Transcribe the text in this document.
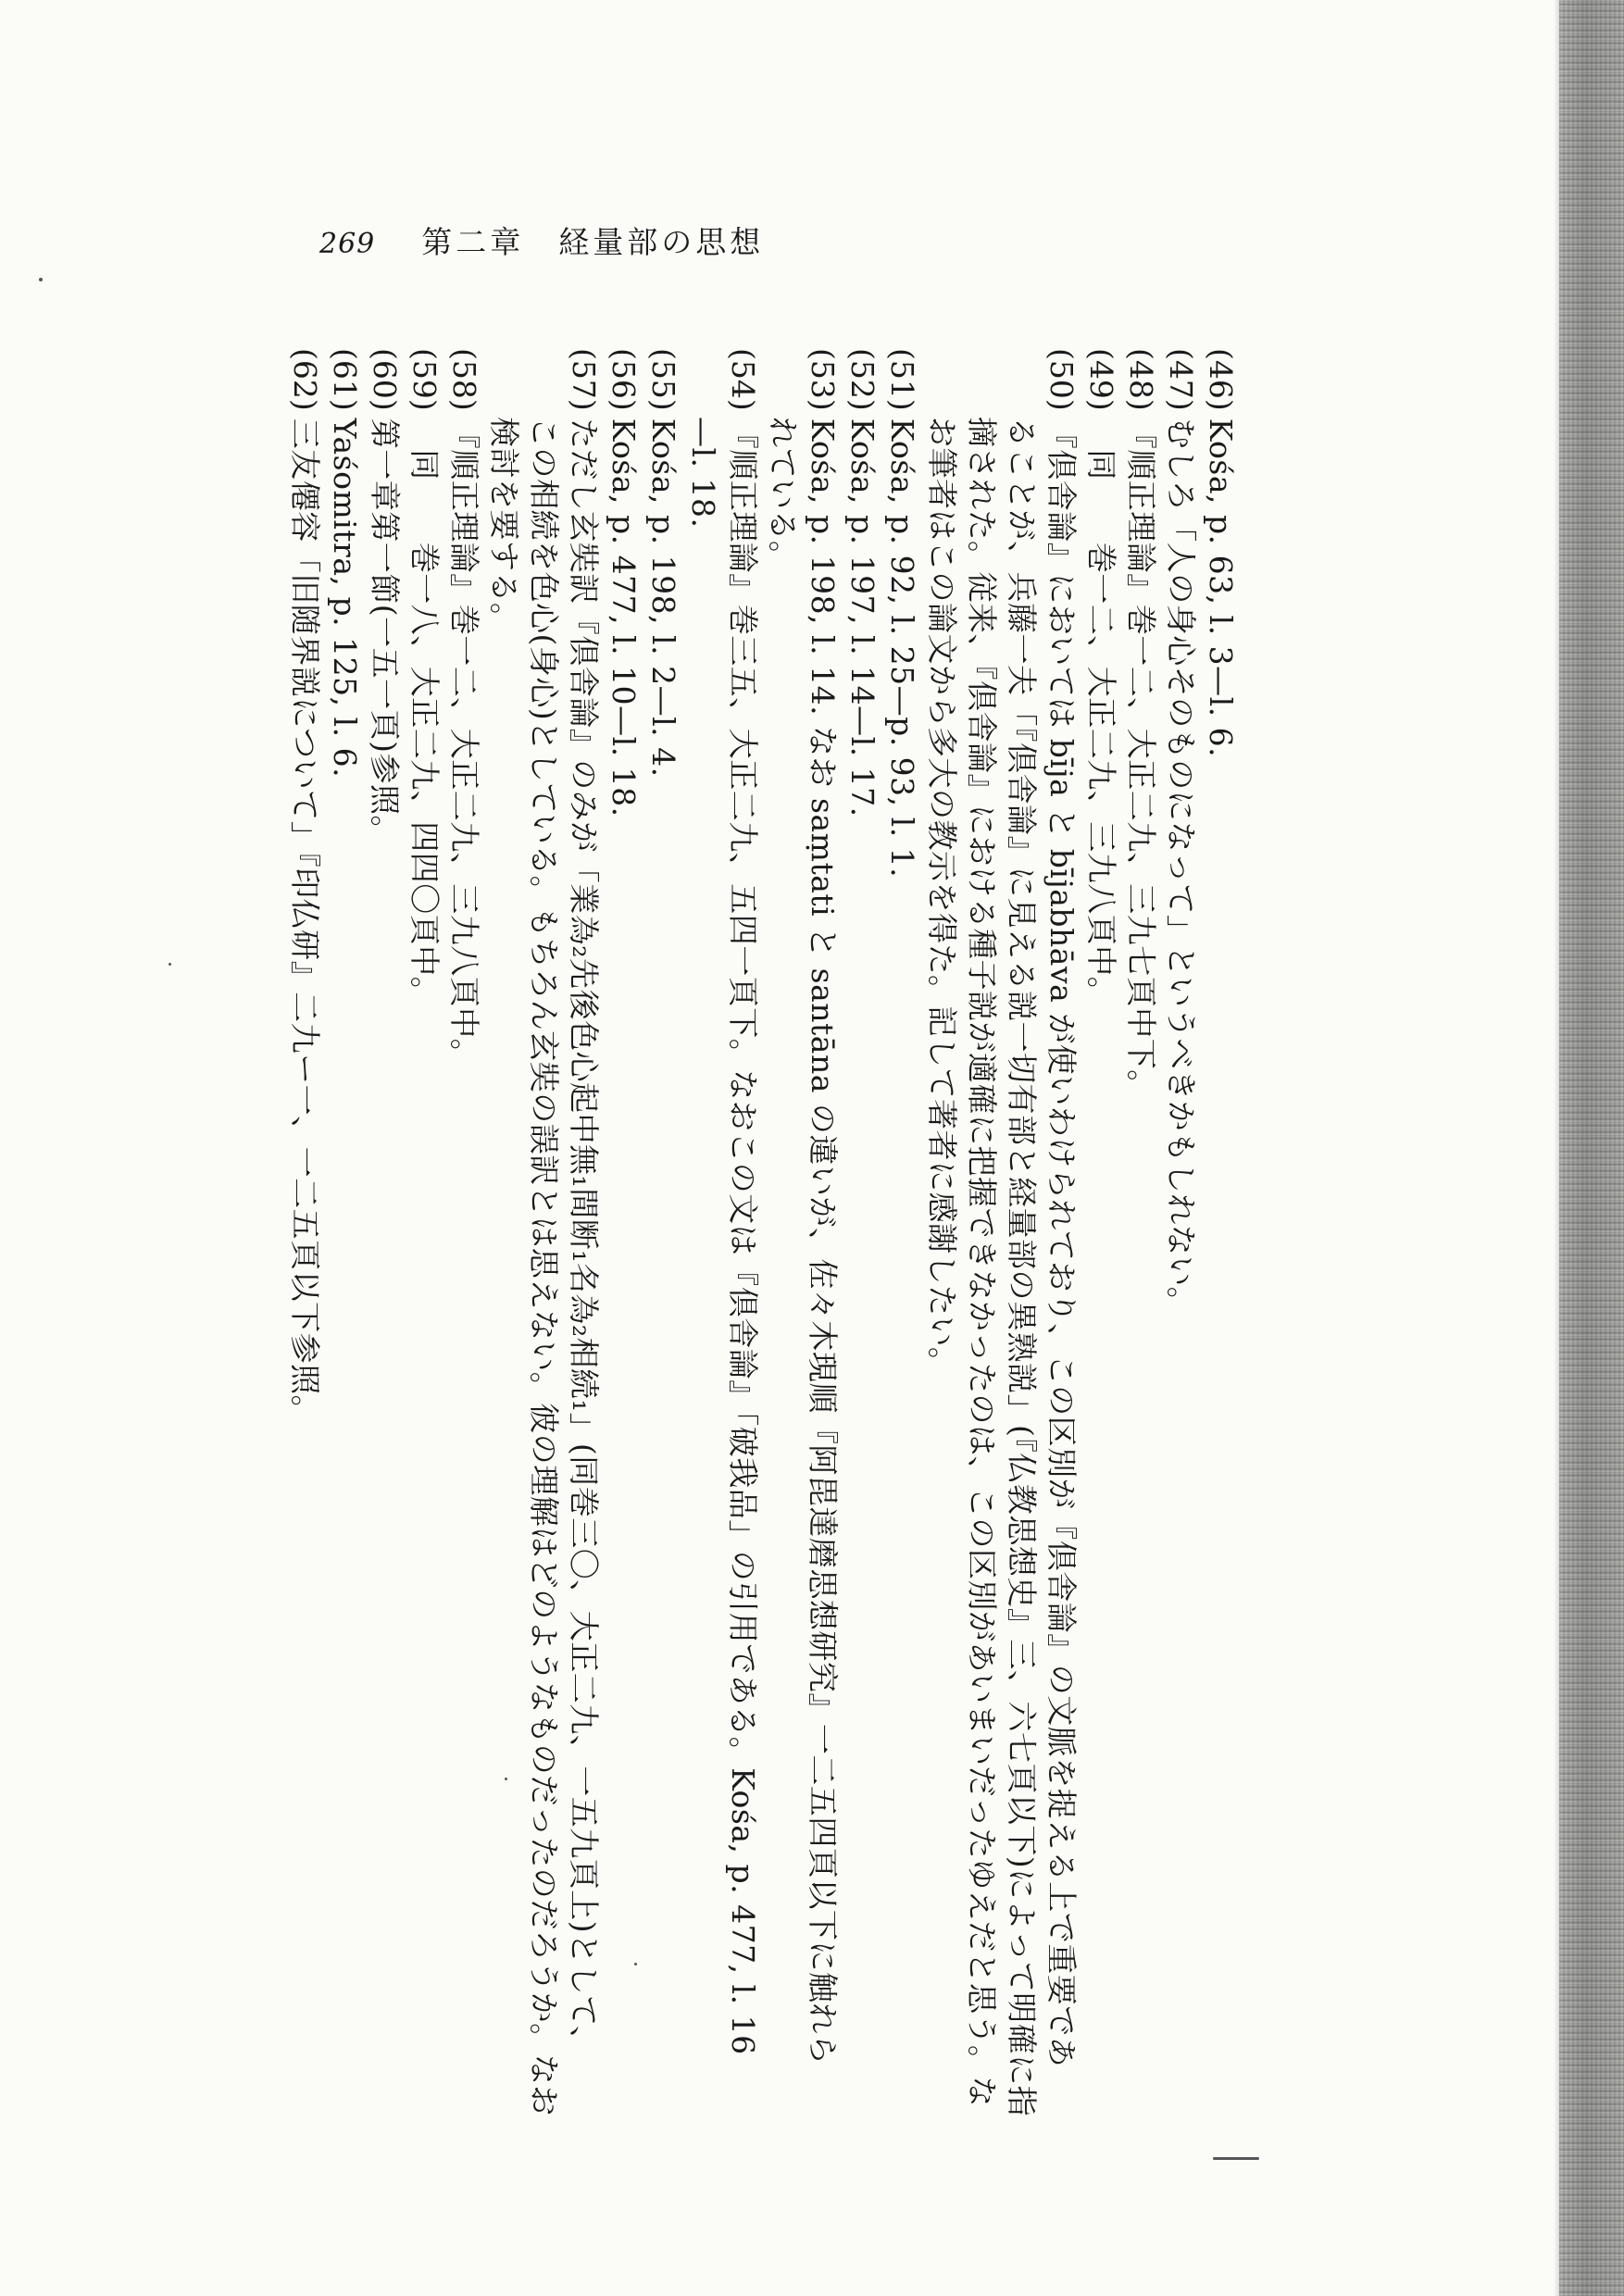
269 第二章　経量部の思想
(46)Kośa, p. 63, l. 3—l. 6.
(47)むしろ「人の身心そのものになって」というべきかもしれない。
(48)『順正理論』巻一二、大正二九、三九七頁中下。
(49)　同　　巻一二、大正二九、三九八頁中。
(50)『倶舎論』においては bīja と bījabhāva が使いわけられており、この区別が『倶舎論』の文脈を捉える上で重要であ
ることが、兵藤一夫「『倶舎論』に見える説一切有部と経量部の異熟説」(『仏教思想史』三、六七頁以下)によって明確に指
摘された。従来、『倶舎論』における種子説が適確に把握できなかったのは、この区別があいまいだったゆえだと思う。な
お筆者はこの論文から多大の教示を得た。記して著者に感謝したい。
(51)Kośa, p. 92, l. 25—p. 93, l. 1.
(52)Kośa, p. 197, l. 14—l. 17.
(53)Kośa, p. 198, l. 14. なお saṃtati と santāna の違いが、佐々木現順『阿毘達磨思想研究』一二五四頁以下に触れら
れている。
(54)『順正理論』巻三五、大正二九、五四一頁下。なおこの文は『倶舎論』「破我品」の引用である。Kośa, p. 477, l. 16
—l. 18.
(55)Kośa, p. 198, l. 2—l. 4.
(56)Kośa, p. 477, l. 10—l. 18.
(57)ただし玄奘訳『倶舎論』のみが「業為₂先後色心起中無₁間断₁名為₂相続₁」(同巻三〇、大正二九、一五九頁上)として、
この相続を色心(身心)としている。もちろん玄奘の誤訳とは思えない。彼の理解はどのようなものだったのだろうか。なお
検討を要する。
(58)『順正理論』巻一二、大正二九、三九八頁中。
(59)　同　　巻一八、大正二九、四四〇頁中。
(60)第一章第一節(一五一頁)参照。
(61)Yaśomitra, p. 125, l. 6.
(62)三友僊容「旧随界説について」『印仏研』二九ー一、一二五頁以下参照。
